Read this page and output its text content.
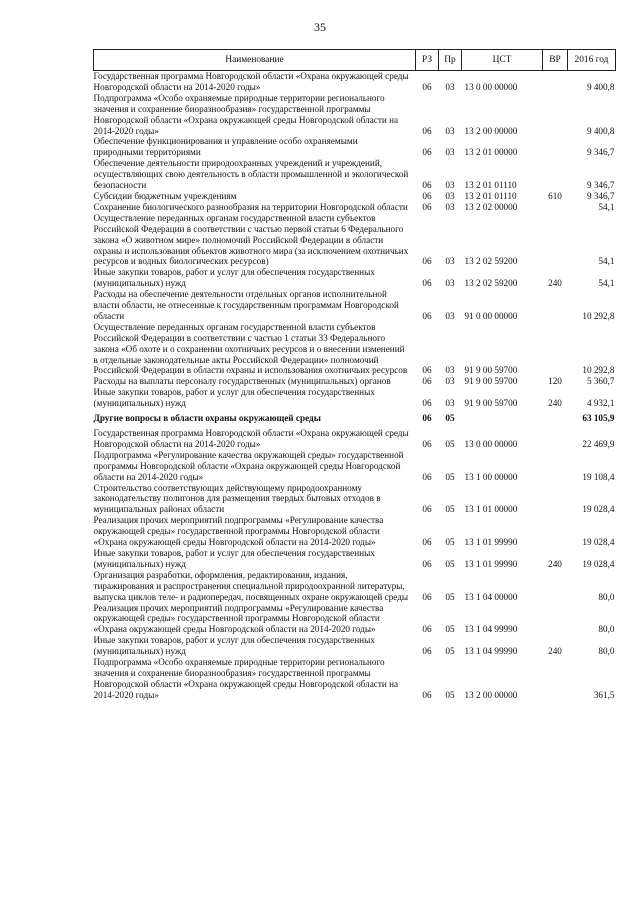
35
Наименование	РЗ	Пр	ЦСТ	ВР	2016 год
Государственная программа Новгородской области «Охрана окружающей среды Новгородской области на 2014-2020 годы»	06	03	13 0 00 00000		9 400,8
Подпрограмма «Особо охраняемые природные территории регионального значения и сохранение биоразнообразия» государственной программы Новгородской области «Охрана окружающей среды Новгородской области на 2014-2020 годы»	06	03	13 2 00 00000		9 400,8
Обеспечение функционирования и управление особо охраняемыми природными территориями	06	03	13 2 01 00000		9 346,7
Обеспечение деятельности природоохранных учреждений и учреждений, осуществляющих свою деятельность в области промышленной и экологической безопасности	06	03	13 2 01 01110		9 346,7
Субсидии бюджетным учреждениям	06	03	13 2 01 01110	610	9 346,7
Сохранение биологического разнообразия на территории Новгородской области	06	03	13 2 02 00000		54,1
Осуществление переданных органам государственной власти субъектов Российской Федерации в соответствии с частью первой статьи 6 Федерального закона «О животном мире» полномочий Российской Федерации в области охраны и использования объектов животного мира (за исключением охотничьих ресурсов и водных биологических ресурсов)	06	03	13 2 02 59200		54,1
Иные закупки товаров, работ и услуг для обеспечения государственных (муниципальных) нужд	06	03	13 2 02 59200	240	54,1
Расходы на обеспечение деятельности отдельных органов исполнительной власти области, не отнесенные к государственным программам Новгородской области	06	03	91 0 00 00000		10 292,8
Осуществление переданных органам государственной власти субъектов Российской Федерации в соответствии с частью 1 статьи 33 Федерального закона «Об охоте и о сохранении охотничьих ресурсов и о внесении изменений в отдельные законодательные акты Российской Федерации» полномочий Российской Федерации в области охраны и использования охотничьих ресурсов	06	03	91 9 00 59700		10 292,8
Расходы на выплаты персоналу государственных (муниципальных) органов	06	03	91 9 00 59700	120	5 360,7
Иные закупки товаров, работ и услуг для обеспечения государственных (муниципальных) нужд	06	03	91 9 00 59700	240	4 932,1
Другие вопросы в области охраны окружающей среды	06	05			63 105,9
Государственная программа Новгородской области «Охрана окружающей среды Новгородской области на 2014-2020 годы»	06	05	13 0 00 00000		22 469,9
Подпрограмма «Регулирование качества окружающей среды» государственной программы Новгородской области «Охрана окружающей среды Новгородской области на 2014-2020 годы»	06	05	13 1 00 00000		19 108,4
Строительство соответствующих действующему природоохранному законодательству полигонов для размещения твердых бытовых отходов в муниципальных районах области	06	05	13 1 01 00000		19 028,4
Реализация прочих мероприятий подпрограммы «Регулирование качества окружающей среды» государственной программы Новгородской области «Охрана окружающей среды Новгородской области на 2014-2020 годы»	06	05	13 1 01 99990		19 028,4
Иные закупки товаров, работ и услуг для обеспечения государственных (муниципальных) нужд	06	05	13 1 01 99990	240	19 028,4
Организация разработки, оформления, редактирования, издания, тиражирования и распространения специальной природоохранной литературы, выпуска циклов теле- и радиопередач, посвященных охране окружающей среды	06	05	13 1 04 00000		80,0
Реализация прочих мероприятий подпрограммы «Регулирование качества окружающей среды» государственной программы Новгородской области «Охрана окружающей среды Новгородской области на 2014-2020 годы»	06	05	13 1 04 99990		80,0
Иные закупки товаров, работ и услуг для обеспечения государственных (муниципальных) нужд	06	05	13 1 04 99990	240	80,0
Подпрограмма «Особо охраняемые природные территории регионального значения и сохранение биоразнообразия» государственной программы Новгородской области «Охрана окружающей среды Новгородской области на 2014-2020 годы»	06	05	13 2 00 00000		361,5
